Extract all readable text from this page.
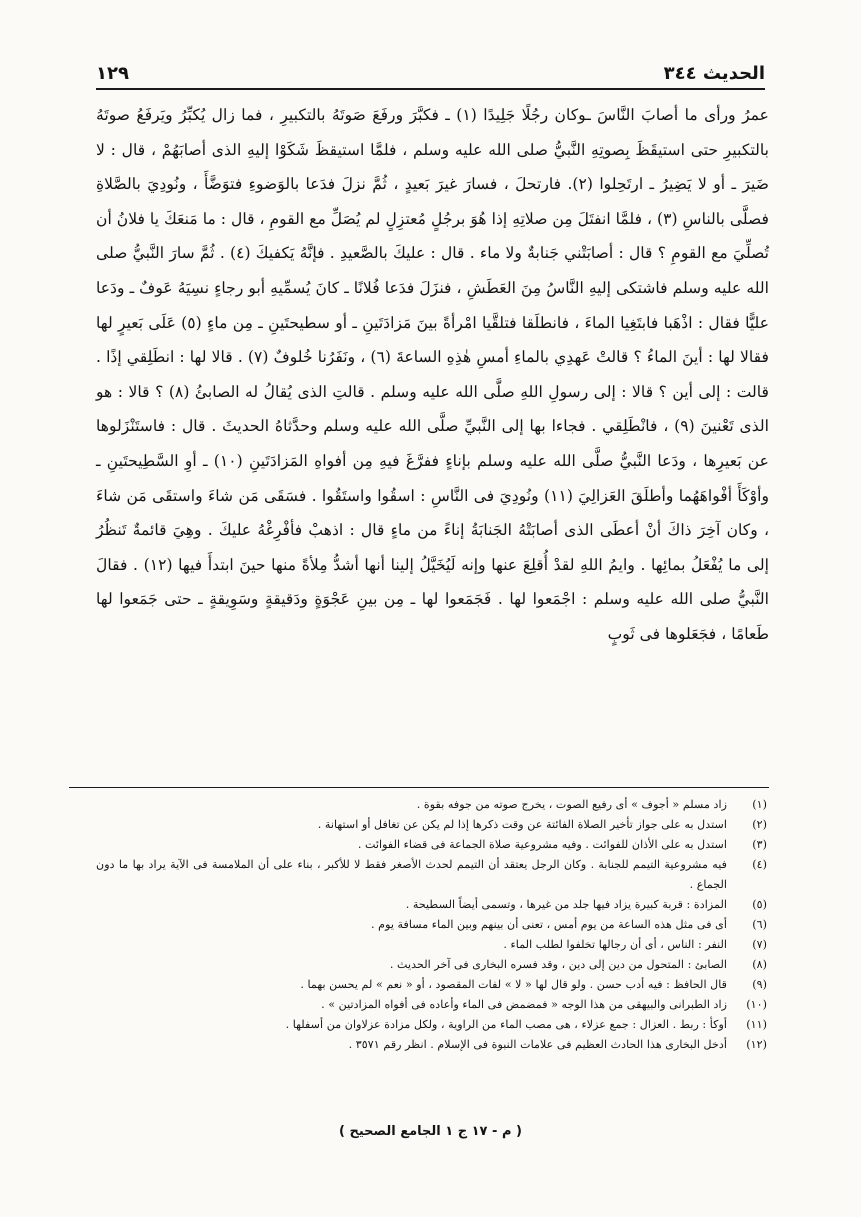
١٢٩	الحديث ٣٤٤

عمرُ ورأى ما أصابَ النَّاسَ ـوكان رجُلًا جَلِيدًا (١) ـ فكبَّرَ ورفَعَ صَوتَهُ بالتكبيرِ ، فما زال يُكبِّرُ ويَرفَعُ صوتَهُ بالتكبيرِ حتى استيقَظَ بِصوتِهِ النَّبيُّ صلى الله عليه وسلم ، فلمَّا استيقظَ شَكَوْا إليهِ الذى أصابَهُمْ ، قال : لا ضَيرَ ـ أو لا يَضِيرُ ـ ارتَحِلوا (٢). فارتحلَ ، فسارَ غيرَ بَعيدٍ ، ثُمَّ نزلَ فدَعا بالوَضوءِ فتوَضَّأَ ، ونُودِيَ بالصَّلاةِ فصلَّى بالناسِ (٣) ، فلمَّا انفتَلَ مِن صلاتِهِ إذا هُوَ برجُلٍ مُعتزِلٍ لم يُصَلِّ مع القومِ ، قال : ما مَنعَكَ يا فلانُ أن تُصلِّيَ مع القومِ ؟ قال : أصابَتْني جَنابةٌ ولا ماء . قال : عليكَ بالصَّعيدِ . فإنَّهُ يَكفيكَ (٤) . ثُمَّ سارَ النَّبيُّ صلى الله عليه وسلم فاشتكى إليهِ النَّاسُ مِنَ العَطَشِ ، فنزَلَ فدَعا فُلانًا ـ كانَ يُسمِّيهِ أبو رجاءٍ نسِيَهُ عَوفٌ ـ ودَعا عليًّا فقال : اذْهَبا فابتَغِيا الماءَ ، فانطلَقا فتلقَّيا امْرأةً بينَ مَزادَتَينِ ـ أو سطيحتَينِ ـ مِن ماءٍ (٥) عَلَى بَعيرٍ لها فقالا لها : أينَ الماءُ ؟ قالتْ عَهدِي بالماءِ أمسِ هٰذِهِ الساعةَ (٦) ، ونَفَرُنا خُلوفٌ (٧) . قالا لها : انطَلِقي إذًا . قالت : إلى أين ؟ قالا : إلى رسولِ اللهِ صلَّى الله عليه وسلم . قالتِ الذى يُقالُ له الصابئُ (٨) ؟ قالا : هو الذى تَعْنينَ (٩) ، فانْطَلِقي . فجاءا بها إلى النَّبيِّ صلَّى الله عليه وسلم وحدَّثاهُ الحديثَ . قال : فاستَنْزَلوها عن بَعيرِها ، ودَعا النَّبيُّ صلَّى الله عليه وسلم بإناءٍ ففرَّغَ فيهِ مِن أفواهِ المَزادَتَينِ (١٠) ـ أوِ السَّطِيحتَينِ ـ وأوْكَأَ أفْواهَهُما وأطلَقَ العَزالِيَ (١١) ونُودِيَ فى النَّاسِ : اسقُوا واستَقُوا . فسَقَى مَن شاءَ واستقَى مَن شاءَ ، وكان آخِرَ ذاكَ أنْ أعطَى الذى أصابَتْهُ الجَنابَةُ إناءً من ماءٍ قال : اذهبْ فأفْرِغْهُ عليكَ . وهِيَ قائمةٌ تَنظُرُ إلى ما يُفْعَلُ بمائِها . وايمُ اللهِ لقدْ أُقلِعَ عنها وإنه لَيُخَيَّلُ إلينا أنها أشدُّ مِلأةً منها حينَ ابتدأَ فيها (١٢) . فقالَ النَّبيُّ صلى الله عليه وسلم : اجْمَعوا لها . فَجَمَعوا لها ـ مِن بينِ عَجْوَةٍ ودَقيقةٍ وسَوِيقةٍ ـ حتى جَمَعوا لها طَعامًا ، فجَعَلوها فى ثَوبٍ

(١)
زاد مسلم « أجوف » أى رفيع الصوت ، يخرج صوته من جوفه بقوة .
(٢)
استدل به على جواز تأخير الصلاة الفائتة عن وقت ذكرها إذا لم يكن عن تغافل أو استهانة .
(٣)
استدل به على الأذان للفوائت . وفيه مشروعية صلاة الجماعة فى قضاء الفوائت .
(٤)
فيه مشروعية التيمم للجنابة . وكان الرجل يعتقد أن التيمم لحدث الأصغر فقط لا للأكبر ، بناء على أن الملامسة فى الآية يراد بها ما دون الجماع .
(٥)
المزادة : قربة كبيرة يزاد فيها جلد من غيرها ، وتسمى أيضاً السطيحة .
(٦)
أى فى مثل هذه الساعة من يوم أمس ، تعنى أن بينهم وبين الماء مسافة يوم .
(٧)
النفر : الناس ، أى أن رجالها تخلفوا لطلب الماء .
(٨)
الصابئ : المتحول من دين إلى دين ، وقد فسره البخارى فى آخر الحديث .
(٩)
قال الحافظ : فيه أدب حسن . ولو قال لها « لا » لفات المقصود ، أو « نعم » لم يحسن بهما .
(١٠)
زاد الطبرانى والبيهقى من هذا الوجه « فمضمض فى الماء وأعاده فى أفواه المزادتين » .
(١١)
أوكأ : ربط . العزال : جمع عزلاء ، هى مصب الماء من الراوية ، ولكل مزادة عزلاوان من أسفلها .
(١٢)
أدخل البخارى هذا الحادث العظيم فى علامات النبوة فى الإسلام . انظر رقم ٣٥٧١ .
( م - ١٧ ج ١ الجامع الصحيح )
